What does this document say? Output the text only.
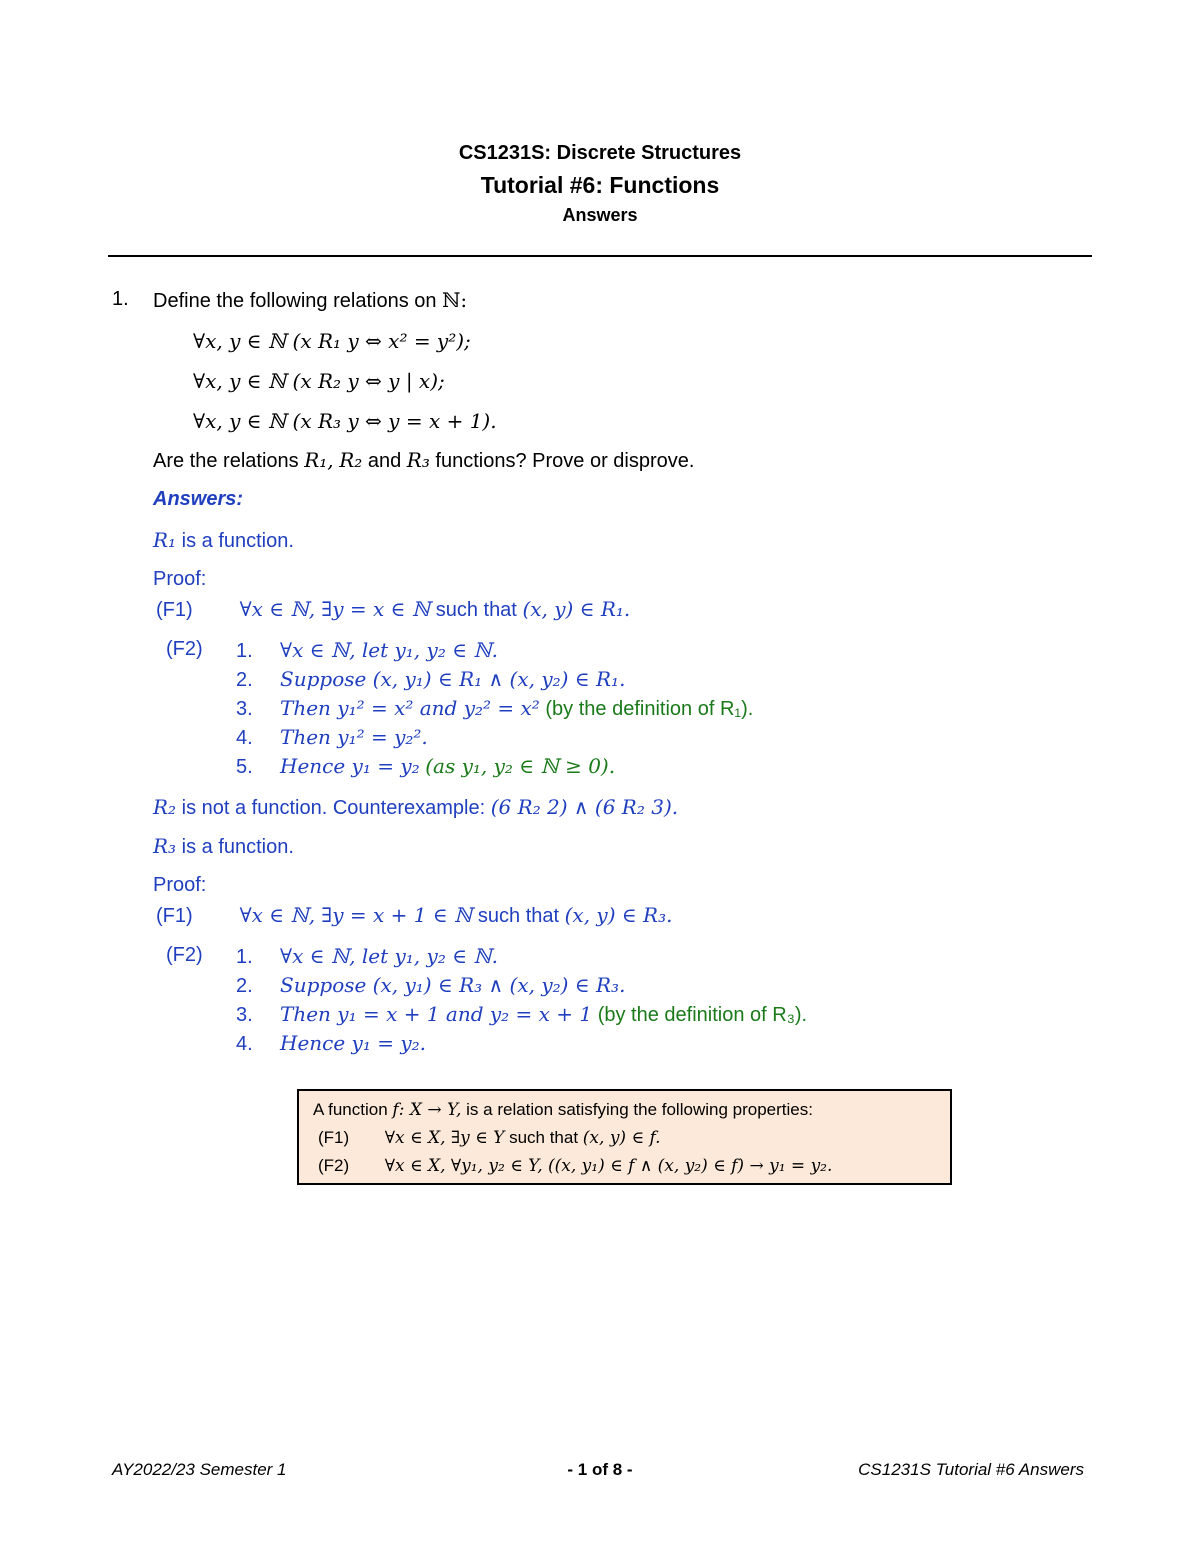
CS1231S: Discrete Structures
Tutorial #6: Functions
Answers
1. Define the following relations on ℕ:
∀x, y ∈ ℕ (x R₁ y ⇔ x² = y²);
∀x, y ∈ ℕ (x R₂ y ⇔ y | x);
∀x, y ∈ ℕ (x R₃ y ⇔ y = x + 1).
Are the relations R₁, R₂ and R₃ functions? Prove or disprove.
Answers:
R₁ is a function.
Proof:
(F1) ∀x ∈ ℕ, ∃y = x ∈ ℕ such that (x, y) ∈ R₁.
(F2) 1. ∀x ∈ ℕ, let y₁, y₂ ∈ ℕ.
2. Suppose (x, y₁) ∈ R₁ ∧ (x, y₂) ∈ R₁.
3. Then y₁² = x² and y₂² = x² (by the definition of R₁).
4. Then y₁² = y₂².
5. Hence y₁ = y₂ (as y₁, y₂ ∈ ℕ ≥ 0).
R₂ is not a function. Counterexample: (6 R₂ 2) ∧ (6 R₂ 3).
R₃ is a function.
Proof:
(F1) ∀x ∈ ℕ, ∃y = x + 1 ∈ ℕ such that (x, y) ∈ R₃.
(F2) 1. ∀x ∈ ℕ, let y₁, y₂ ∈ ℕ.
2. Suppose (x, y₁) ∈ R₃ ∧ (x, y₂) ∈ R₃.
3. Then y₁ = x + 1 and y₂ = x + 1 (by the definition of R₃).
4. Hence y₁ = y₂.
A function f: X → Y, is a relation satisfying the following properties:
(F1) ∀x ∈ X, ∃y ∈ Y such that (x, y) ∈ f.
(F2) ∀x ∈ X, ∀y₁, y₂ ∈ Y, ((x, y₁) ∈ f ∧ (x, y₂) ∈ f) → y₁ = y₂.
AY2022/23 Semester 1	- 1 of 8 -	CS1231S Tutorial #6 Answers
